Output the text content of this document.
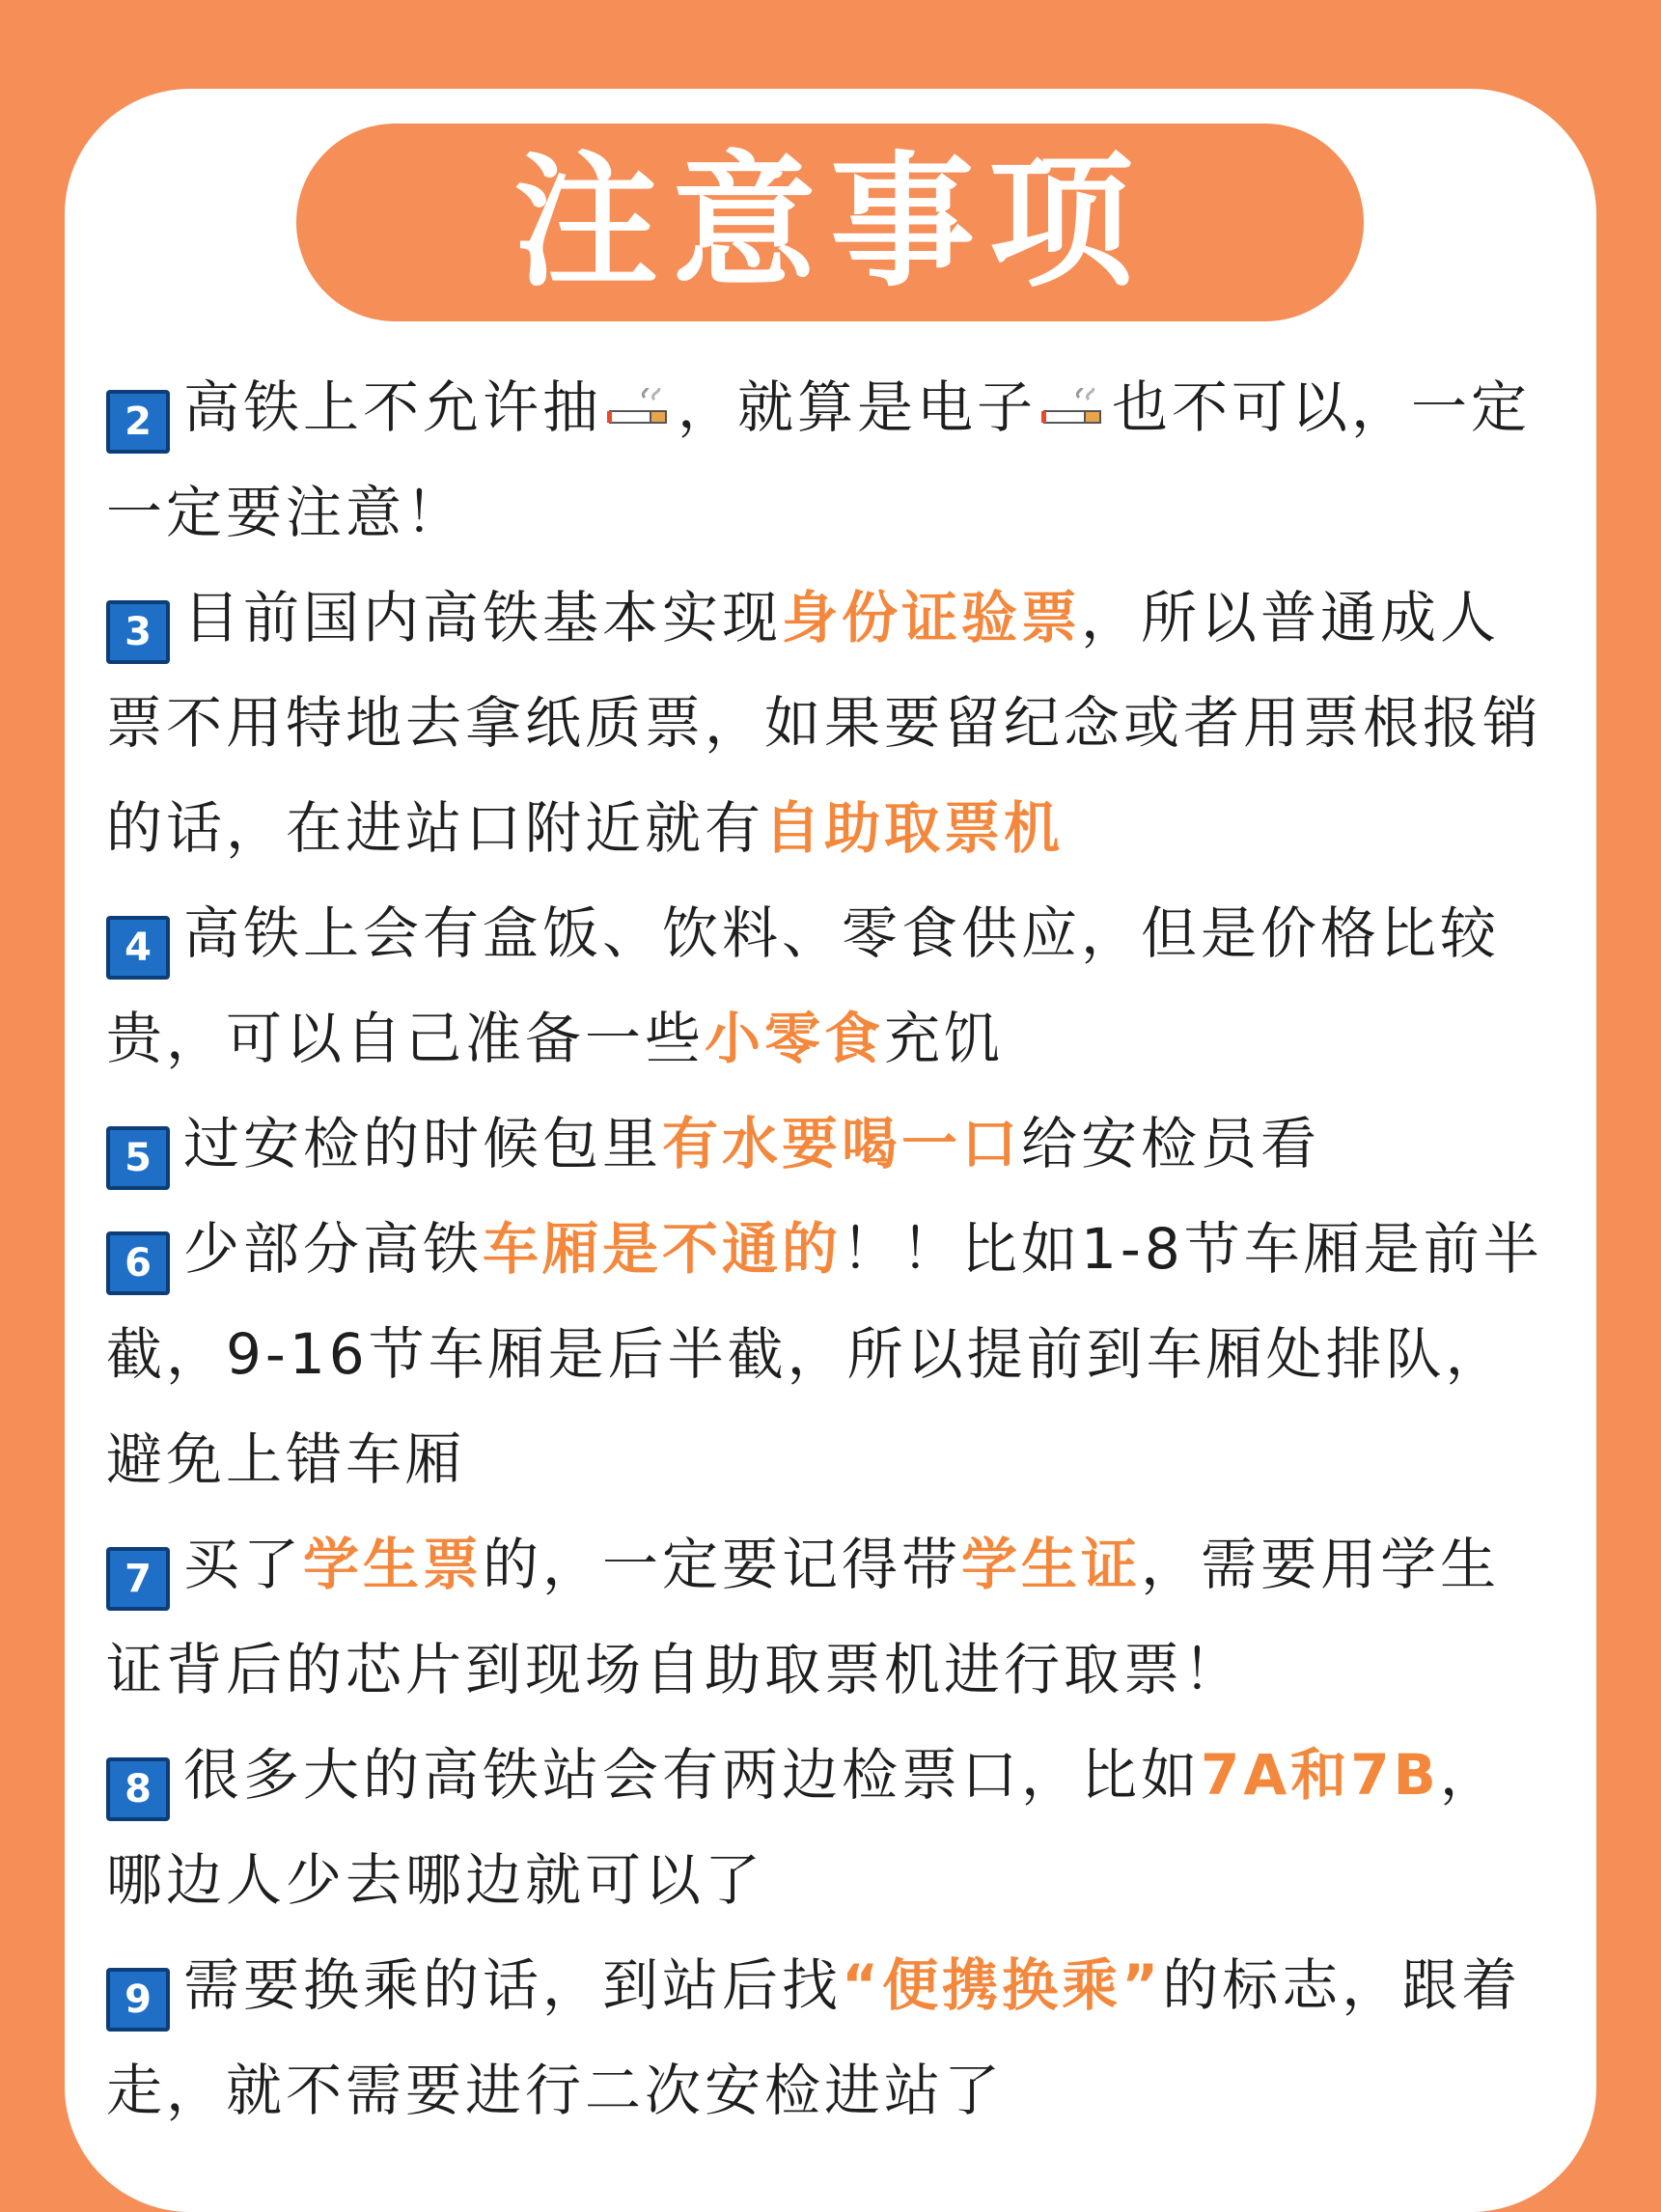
注意事项
2 高铁上不允许抽 ，就算是电子 也不可以，一定一定要注意！
3 目前国内高铁基本实现身份证验票，所以普通成人票不用特地去拿纸质票，如果要留纪念或者用票根报销的话，在进站口附近就有自助取票机
4 高铁上会有盒饭、饮料、零食供应，但是价格比较贵，可以自己准备一些小零食充饥
5 过安检的时候包里有水要喝一口给安检员看
6 少部分高铁车厢是不通的！！比如1-8节车厢是前半截，9-16节车厢是后半截，所以提前到车厢处排队，避免上错车厢
7 买了学生票的，一定要记得带学生证，需要用学生证背后的芯片到现场自助取票机进行取票！
8 很多大的高铁站会有两边检票口，比如7A和7B，哪边人少去哪边就可以了
9 需要换乘的话，到站后找“便携换乘”的标志，跟着走，就不需要进行二次安检进站了
